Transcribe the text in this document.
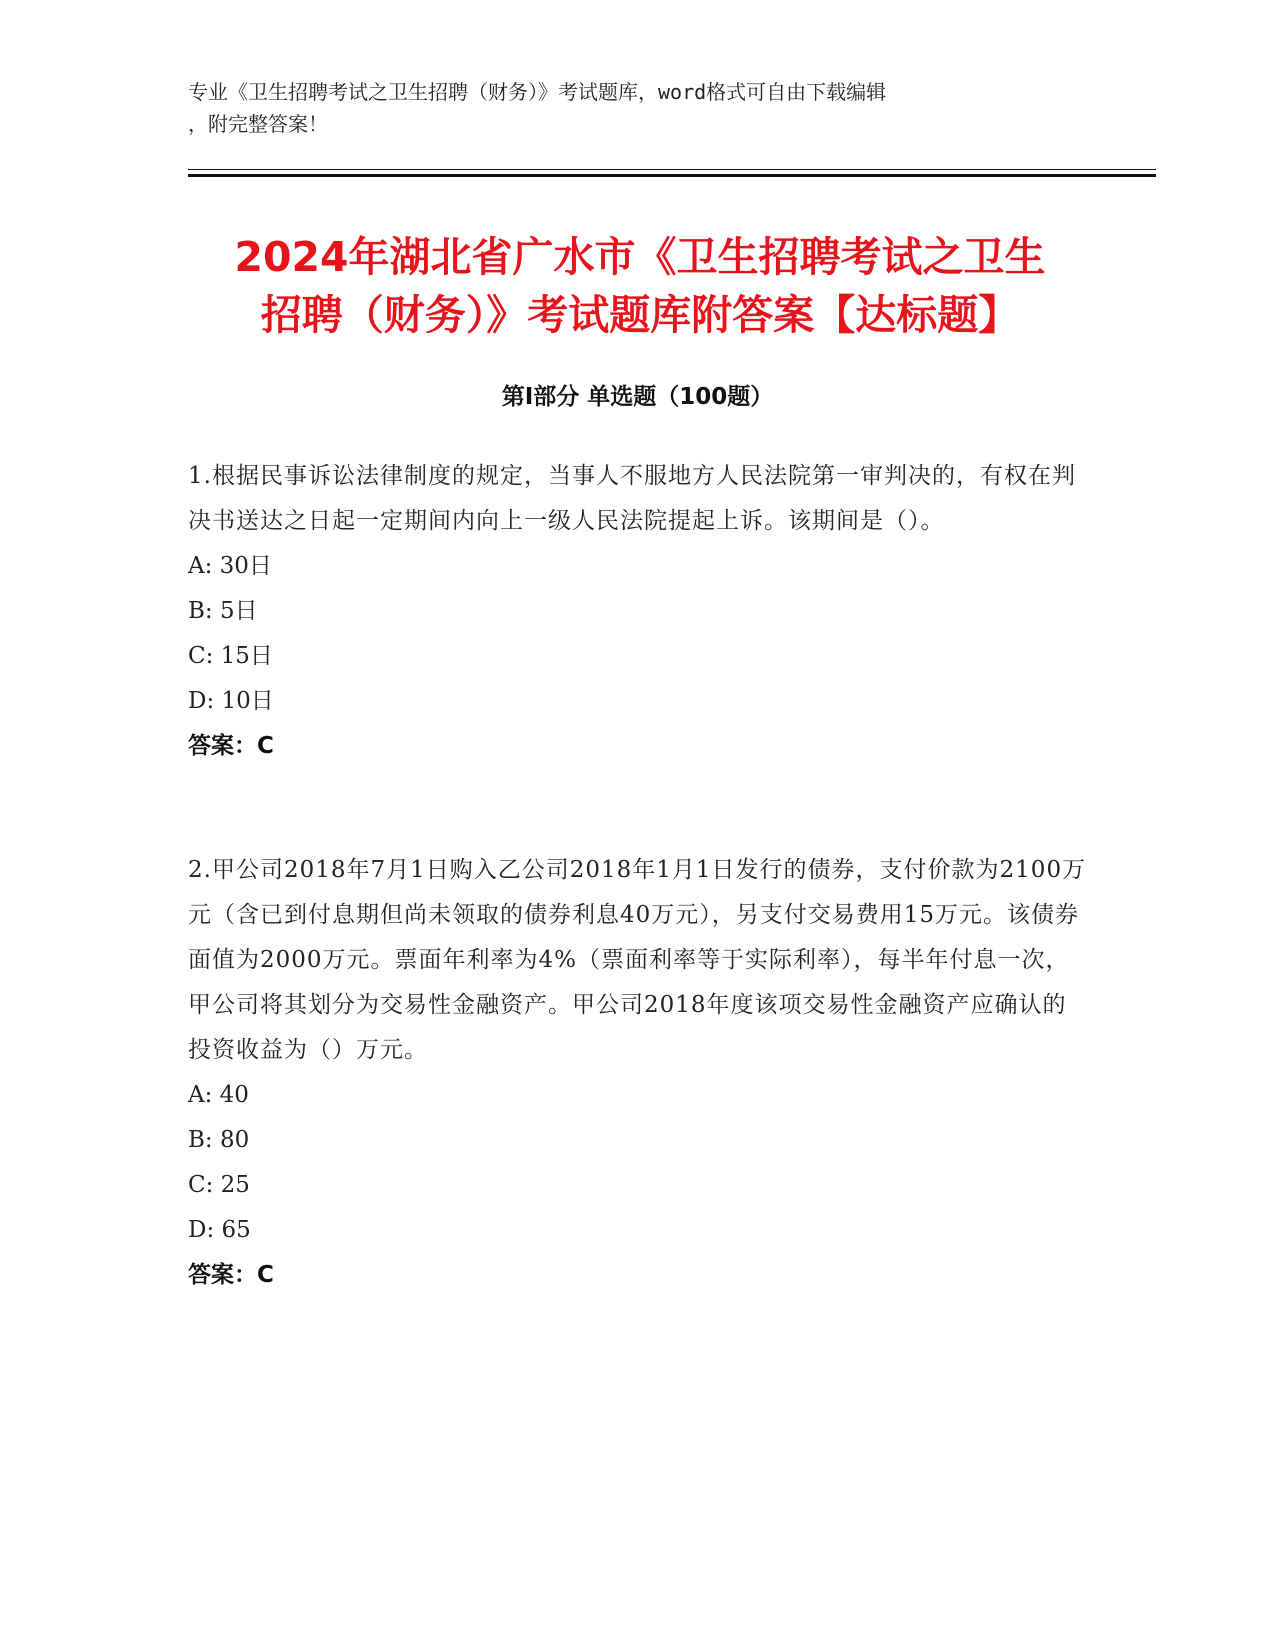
专业《卫生招聘考试之卫生招聘（财务）》考试题库，word格式可自由下载编辑
，附完整答案！
2024年湖北省广水市《卫生招聘考试之卫生
招聘（财务）》考试题库附答案【达标题】
第Ⅰ部分 单选题（100题）
1.根据民事诉讼法律制度的规定，当事人不服地方人民法院第一审判决的，有权在判决书送达之日起一定期间内向上一级人民法院提起上诉。该期间是（）。
A: 30日
B: 5日
C: 15日
D: 10日
答案：C
2.甲公司2018年7月1日购入乙公司2018年1月1日发行的债券，支付价款为2100万元（含已到付息期但尚未领取的债券利息40万元），另支付交易费用15万元。该债券面值为2000万元。票面年利率为4%（票面利率等于实际利率），每半年付息一次，甲公司将其划分为交易性金融资产。甲公司2018年度该项交易性金融资产应确认的投资收益为（）万元。
A: 40
B: 80
C: 25
D: 65
答案：C
